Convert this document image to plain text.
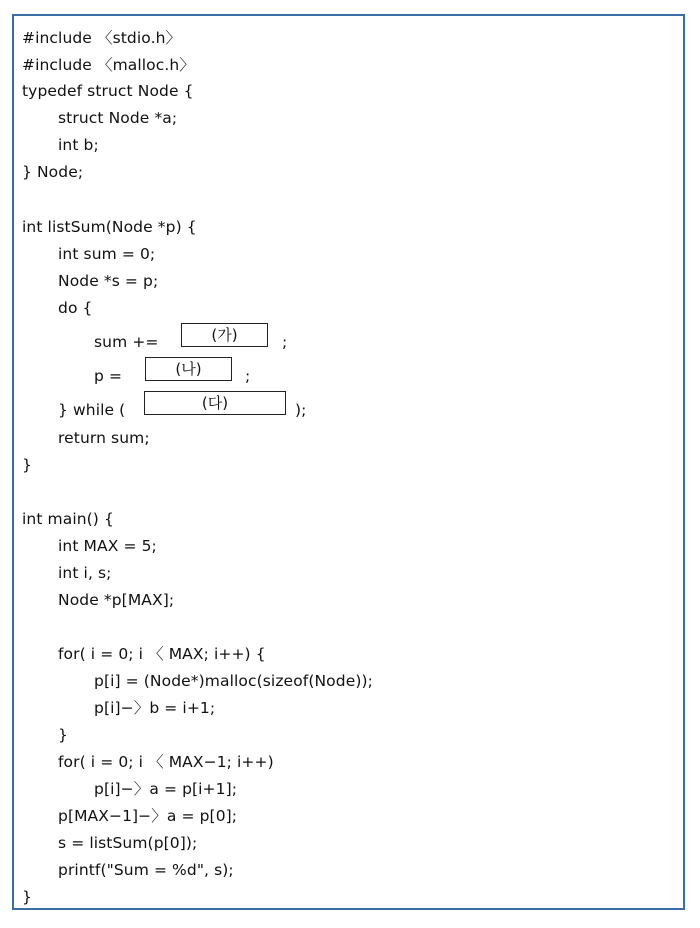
#include 〈stdio.h〉
#include 〈malloc.h〉
typedef struct Node {
struct Node *a;
int b;
} Node;
int listSum(Node *p) {
int sum = 0;
Node *s = p;
do {
sum +=	(가)	;
p =	(나)	;
} while (	(다)	);
return sum;
}
int main() {
int MAX = 5;
int i, s;
Node *p[MAX];
for( i = 0; i 〈 MAX; i++) {
p[i] = (Node*)malloc(sizeof(Node));
p[i]−〉b = i+1;
}
for( i = 0; i 〈 MAX−1; i++)
p[i]−〉a = p[i+1];
p[MAX−1]−〉a = p[0];
s = listSum(p[0]);
printf("Sum = %d", s);
}
